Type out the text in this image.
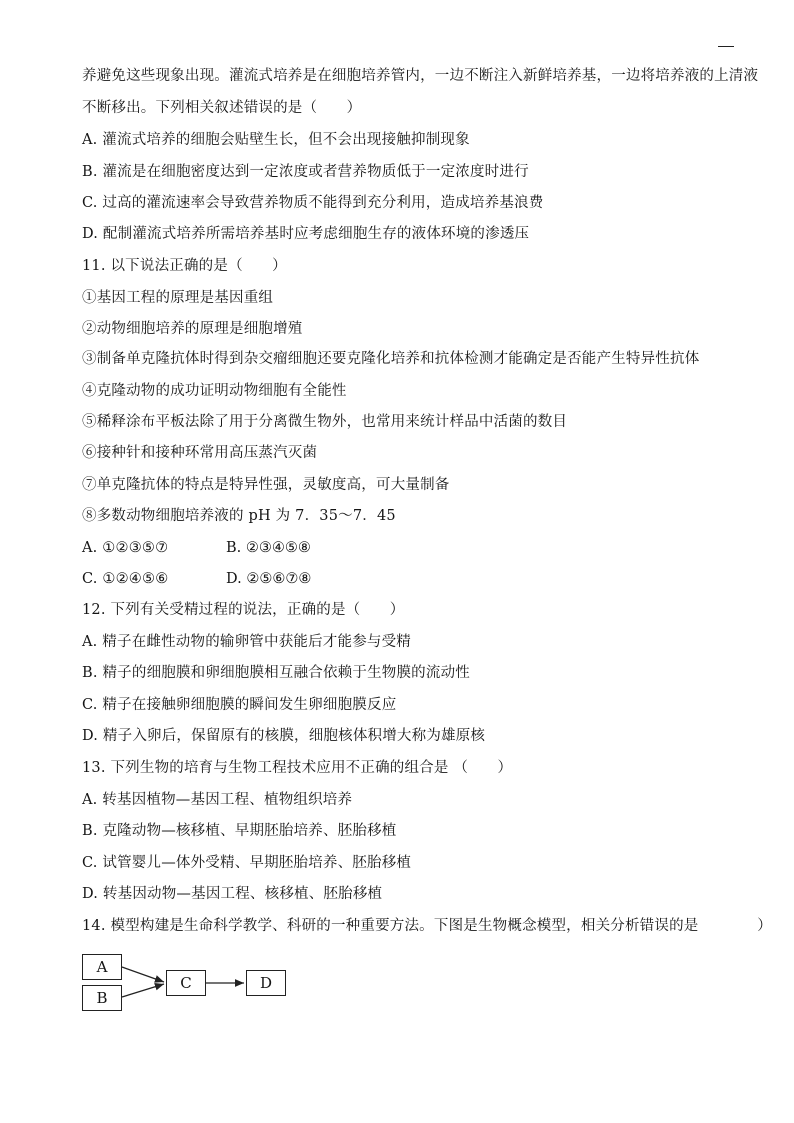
养避免这些现象出现。灌流式培养是在细胞培养管内，一边不断注入新鲜培养基，一边将培养液的上清液
不断移出。下列相关叙述错误的是（　　）
A. 灌流式培养的细胞会贴壁生长，但不会出现接触抑制现象
B. 灌流是在细胞密度达到一定浓度或者营养物质低于一定浓度时进行
C. 过高的灌流速率会导致营养物质不能得到充分利用，造成培养基浪费
D. 配制灌流式培养所需培养基时应考虑细胞生存的液体环境的渗透压
11. 以下说法正确的是（　　）
①基因工程的原理是基因重组
②动物细胞培养的原理是细胞增殖
③制备单克隆抗体时得到杂交瘤细胞还要克隆化培养和抗体检测才能确定是否能产生特异性抗体
④克隆动物的成功证明动物细胞有全能性
⑤稀释涂布平板法除了用于分离微生物外，也常用来统计样品中活菌的数目
⑥接种针和接种环常用高压蒸汽灭菌
⑦单克隆抗体的特点是特异性强，灵敏度高，可大量制备
⑧多数动物细胞培养液的 pH 为 7．35～7．45
A. ①②③⑤⑦	B. ②③④⑤⑧
C. ①②④⑤⑥	D. ②⑤⑥⑦⑧
12. 下列有关受精过程的说法，正确的是（　　）
A. 精子在雌性动物的输卵管中获能后才能参与受精
B. 精子的细胞膜和卵细胞膜相互融合依赖于生物膜的流动性
C. 精子在接触卵细胞膜的瞬间发生卵细胞膜反应
D. 精子入卵后，保留原有的核膜，细胞核体积增大称为雄原核
13. 下列生物的培育与生物工程技术应用不正确的组合是 （　　）
A. 转基因植物—基因工程、植物组织培养
B. 克隆动物—核移植、早期胚胎培养、胚胎移植
C. 试管婴儿—体外受精、早期胚胎培养、胚胎移植
D. 转基因动物—基因工程、核移植、胚胎移植
14. 模型构建是生命科学教学、科研的一种重要方法。下图是生物概念模型，相关分析错误的是　　　　）
A
B
C	D
